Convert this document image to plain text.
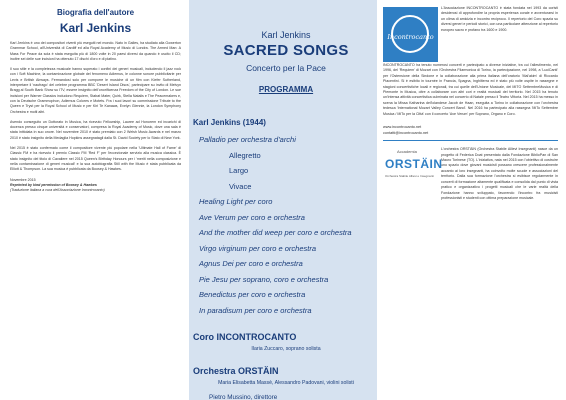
Biografia dell'autore
Karl Jenkins

Karl Jenkins è uno dei compositori viventi più eseguiti nel mondo. Nato in Galles, ha studiato alla Gowerton Grammar School, all'Università di Cardiff ed alla Royal Academy of Music di Londra. The Armed Man: A Mass For Peace da sola è stata eseguita più di 1800 volte in 20 paesi diversi da quando è uscito il CD; inoltre sei delle sue incisioni ha ottenuto 17 dischi d'oro e di platino.

Il suo stile e la completezza musicale hanno superato i confini dei generi musicali, includendo il jazz rock con i Soft Machine, la contaminazione globale del fenomeno Adiemus, le colonne sonore pubblicitarie per Levis e British Airways. Fermandosi solo per comporre le musiche di un film con Kiefer Sutherland, interpretare il 'naufrago' del celebre programma BBC 'Desert Island Discs', partecipare su invito di Melvyn Bragg al South Bank Show su ITV, essere insignito dell'onorificenza Freedom of the City of London. Le sue incisioni per Warner Classics includono Requiem, Stabat Mater, Quirk, Stella Natalis e The Peacemakers e, con la Deutsche Grammophon, Adiemus Colores e Motets. Fra i suoi lavori su commissione Tribute to the Queen e Tryst per la Royal School of Music e per Kiri Te Kanawa, Evelyn Glennie, la London Symphony Orchestra e molti altri.

Avendo conseguito un Dottorato in Musica, ha ricevuto Fellowship, Lauree ad Honorem ed incarichi di docenza presso cinque università e conservatori, compresa la Royal Academy of Music, dove una sala è stata intitolata in suo onore. Nel novembre 2010 è stato premiato con 2 Welsh Music Awards e nel marzo 2010 è stato insignito della Medaglia Hopkins assegnatagli dalla St. David Society per lo Stato di New York.

Nel 2015 è stato confermato come il compositore vivente più popolare nella 'Ultimate Hall of Fame' di Classic FM e ha ricevuto il premio Classic FM 'Red F' per l'eccezionale servizio alla musica classica. È stato insignito del titolo di Cavaliere nel 2015 Queen's Birthday Honours per i 'meriti nella composizione e nella contaminazione di generi musicali' e la sua autobiografia Still with the Music è stata pubblicata da Elliott & Thompson. La sua musica è pubblicata da Boosey & Hawkes.

Novembre 2015
Reprinted by kind permission of Boosey & Hawkes
(Traduzione italiana a cura dell'Associazione Incontrocanto)
Karl Jenkins
SACRED SONGS
Concerto per la Pace
PROGRAMMA
Karl Jenkins (1944)
Palladio per orchestra d'archi
Allegretto
Largo
Vivace
Healing Light per coro
Ave Verum per coro e orchestra
And the mother did weep per coro e orchestra
Virgo virginum per coro e orchestra
Agnus Dei per coro e orchestra
Pie Jesu per soprano, coro e orchestra
Benedictus per coro e orchestra
In paradisum per coro e orchestra
Coro INCONTROCANTO
Ilaria Zuccaro, soprano solista
Orchestra ORSTÄIN
Maria Elisabetta Massè, Alessandro Padovani, violini solisti
Pietro Mussino, direttore
Incontrocanto

L'Associazione INCONTROCANTO è stata fondata nel 1993 da coristi desiderosi di approfondire la propria esperienza corale e avventurarsi in un clima di amicizia e incontro reciproco. Il repertorio del Coro spazia su diversi generi e periodi storici, con una particolare attenzione al repertorio europeo sacro e profano tra 1600 e 1900.

INCONTROCANTO ha tenuto numerosi concerti e partecipato a diverse iniziative, tra cui l'allestimento, nel 1996, del 'Requiem' di Mozart con l'Orchestra Filarmonica di Torino, la partecipazione, nel 1998, a 'LuciCanti' per l'Ostensione della Sindone e la collaborazione alla prima italiana dell'oratorio 'Mal'akim' di Riccardo Piacentini. Si è esibito in tournée in Francia, Spagna, Inghilterra ed è stato più volte ospite in rassegne e stagioni concertistiche locali e regionali, tra cui quelle dell'Unione Musicale, del MITO SettembreMusica e di Piemonte in Musica, oltre a collaborare con altri cori e realtà musicali del territorio. Nel 2015 ha tenuto un'intensa attività concertistica culminata nel concerto di Natale presso il Teatro Vittoria. Nel 2015 ha messo in scena la Missa Katharina dell'olandese Jacob de Haan, eseguita a Torino in collaborazione con l'orchestra tedesca 'International Mozart Valley Concert Band'. Nel 2016 ha partecipato alla rassegna 'MiTo Settembre Musica / MiTo per la Città' con il concerto 'Ave Verum' per Soprano, Organo e Coro.

www.incontrocanto.net
contatti@incontrocanto.net
Accademia
ORSTÄIN
Orchestra Stabile Allievi e Insegnanti

L'orchestra ORSTÄIN (Orchestra Stabile Allievi Insegnanti) nasce da un progetto di Federica Doat presentato dalla Fondazione BiblioPan di San Mauro Torinese (TO). L'iniziativa, nata nel 2015 con l'obiettivo di costruire uno spazio dove giovani musicisti possano crescere professionalmente accanto ai loro insegnanti, ha coinvolto molte scuole e associazioni del territorio. Dalla sua formazione l'orchestra si esibisce regolarmente in concerti di formazione altamente qualificata e consolida dal punto di vista pratico e organizzativo i progetti musicali che le varie realtà della Fondazione hanno sviluppato, favorendo l'incontro fra musicisti professionisti e studenti con ottima preparazione musicale.
